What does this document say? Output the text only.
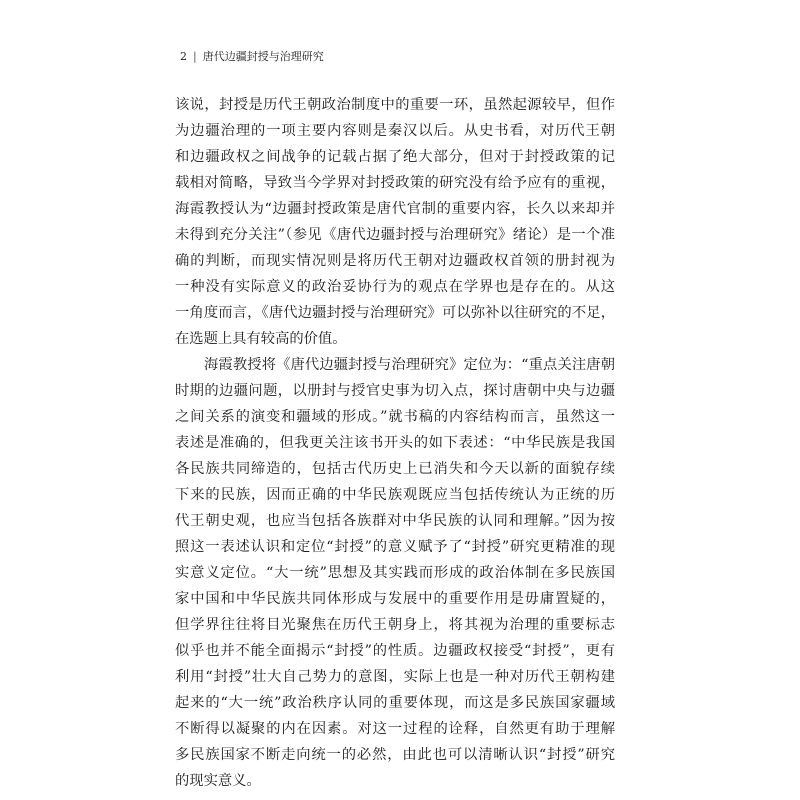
2 | 唐代边疆封授与治理研究
该说，封授是历代王朝政治制度中的重要一环，虽然起源较早，但作
为边疆治理的一项主要内容则是秦汉以后。从史书看，对历代王朝
和边疆政权之间战争的记载占据了绝大部分，但对于封授政策的记
载相对简略，导致当今学界对封授政策的研究没有给予应有的重视，
海霞教授认为“边疆封授政策是唐代官制的重要内容，长久以来却并
未得到充分关注”（参见《唐代边疆封授与治理研究》绪论）是一个准
确的判断，而现实情况则是将历代王朝对边疆政权首领的册封视为
一种没有实际意义的政治妥协行为的观点在学界也是存在的。从这
一角度而言，《唐代边疆封授与治理研究》可以弥补以往研究的不足，
在选题上具有较高的价值。
海霞教授将《唐代边疆封授与治理研究》定位为：“重点关注唐朝
时期的边疆问题，以册封与授官史事为切入点，探讨唐朝中央与边疆
之间关系的演变和疆域的形成。”就书稿的内容结构而言，虽然这一
表述是准确的，但我更关注该书开头的如下表述：“中华民族是我国
各民族共同缔造的，包括古代历史上已消失和今天以新的面貌存续
下来的民族，因而正确的中华民族观既应当包括传统认为正统的历
代王朝史观，也应当包括各族群对中华民族的认同和理解。”因为按
照这一表述认识和定位“封授”的意义赋予了“封授”研究更精准的现
实意义定位。“大一统”思想及其实践而形成的政治体制在多民族国
家中国和中华民族共同体形成与发展中的重要作用是毋庸置疑的，
但学界往往将目光聚焦在历代王朝身上，将其视为治理的重要标志
似乎也并不能全面揭示“封授”的性质。边疆政权接受“封授”，更有
利用“封授”壮大自己势力的意图，实际上也是一种对历代王朝构建
起来的“大一统”政治秩序认同的重要体现，而这是多民族国家疆域
不断得以凝聚的内在因素。对这一过程的诠释，自然更有助于理解
多民族国家不断走向统一的必然，由此也可以清晰认识“封授”研究
的现实意义。
